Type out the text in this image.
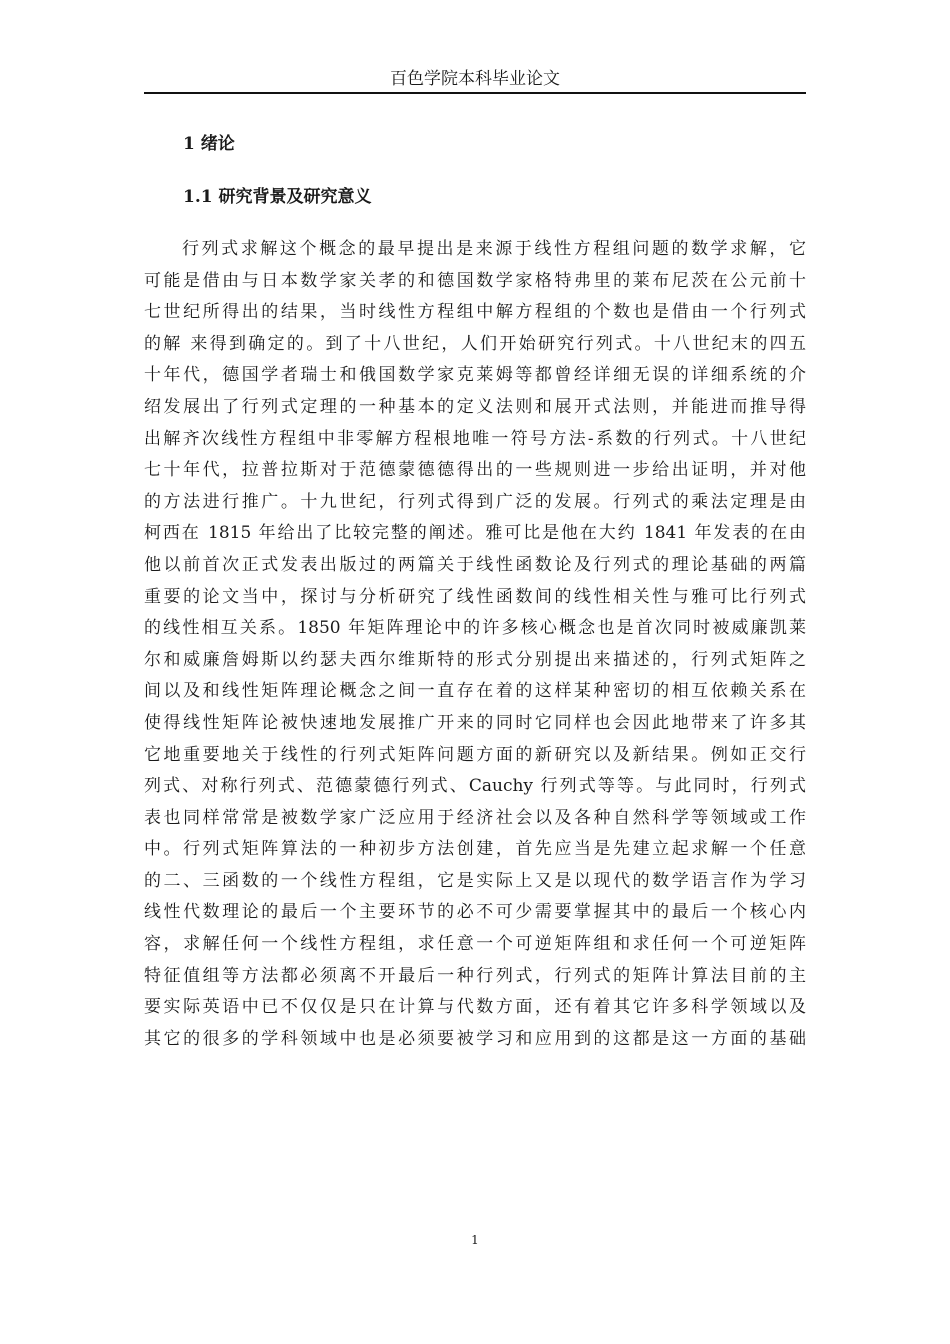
百色学院本科毕业论文
1 绪论
1.1 研究背景及研究意义

行列式求解这个概念的最早提出是来源于线性方程组问题的数学求解，它
可能是借由与日本数学家关孝的和德国数学家格特弗里的莱布尼茨在公元前十
七世纪所得出的结果，当时线性方程组中解方程组的个数也是借由一个行列式
的解 来得到确定的。到了十八世纪，人们开始研究行列式。十八世纪末的四五
十年代，德国学者瑞士和俄国数学家克莱姆等都曾经详细无误的详细系统的介
绍发展出了行列式定理的一种基本的定义法则和展开式法则，并能进而推导得
出解齐次线性方程组中非零解方程根地唯一符号方法-系数的行列式。十八世纪
七十年代，拉普拉斯对于范德蒙德德得出的一些规则进一步给出证明，并对他
的方法进行推广。十九世纪，行列式得到广泛的发展。行列式的乘法定理是由
柯西在 1815 年给出了比较完整的阐述。雅可比是他在大约 1841 年发表的在由
他以前首次正式发表出版过的两篇关于线性函数论及行列式的理论基础的两篇
重要的论文当中，探讨与分析研究了线性函数间的线性相关性与雅可比行列式
的线性相互关系。1850 年矩阵理论中的许多核心概念也是首次同时被威廉凯莱
尔和威廉詹姆斯以约瑟夫西尔维斯特的形式分别提出来描述的，行列式矩阵之
间以及和线性矩阵理论概念之间一直存在着的这样某种密切的相互依赖关系在
使得线性矩阵论被快速地发展推广开来的同时它同样也会因此地带来了许多其
它地重要地关于线性的行列式矩阵问题方面的新研究以及新结果。例如正交行
列式、对称行列式、范德蒙德行列式、Cauchy 行列式等等。与此同时，行列式
表也同样常常是被数学家广泛应用于经济社会以及各种自然科学等领域或工作
中。行列式矩阵算法的一种初步方法创建，首先应当是先建立起求解一个任意
的二、三函数的一个线性方程组，它是实际上又是以现代的数学语言作为学习
线性代数理论的最后一个主要环节的必不可少需要掌握其中的最后一个核心内
容，求解任何一个线性方程组，求任意一个可逆矩阵组和求任何一个可逆矩阵
特征值组等方法都必须离不开最后一种行列式，行列式的矩阵计算法目前的主
要实际英语中已不仅仅是只在计算与代数方面，还有着其它许多科学领域以及
其它的很多的学科领域中也是必须要被学习和应用到的这都是这一方面的基础

1
